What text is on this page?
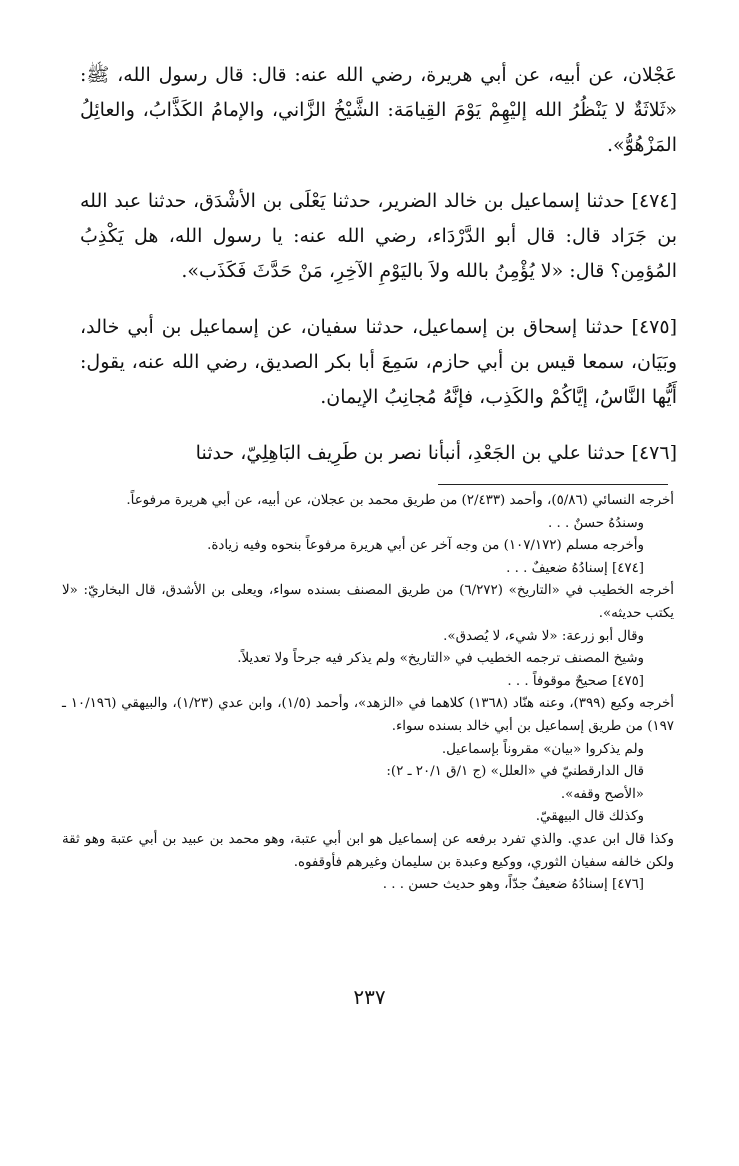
عَجْلان، عن أبيه، عن أبي هريرة، رضي الله عنه: قال: قال رسول الله، ﷺ: «ثَلاثَةٌ لا يَنْظُرُ الله إليْهِمْ يَوْمَ القِيامَة: الشَّيْخُ الزَّاني، والإمامُ الكَذَّابُ، والعائِلُ المَزْهُوُّ».

[٤٧٤] حدثنا إسماعيل بن خالد الضرير، حدثنا يَعْلَى بن الأشْدَق، حدثنا عبد الله بن جَرَاد قال: قال أبو الدَّرْدَاء، رضي الله عنه: يا رسول الله، هل يَكْذِبُ المُؤمِن؟ قال: «لا يُؤْمِنُ بالله ولاَ باليَوْمِ الآخِرِ، مَنْ حَدَّثَ فَكَذَب».

[٤٧٥] حدثنا إسحاق بن إسماعيل، حدثنا سفيان، عن إسماعيل بن أبي خالد، وبَيَان، سمعا قيس بن أبي حازم، سَمِعَ أبا بكر الصديق، رضي الله عنه، يقول: أَيُّها النَّاسُ، إيَّاكُمْ والكَذِب، فإنَّهُ مُجانِبُ الإيمان.

[٤٧٦] حدثنا علي بن الجَعْدِ، أنبأنا نصر بن طَرِيف البَاهِلِيّ، حدثنا

أخرجه النسائي (٥/٨٦)، وأحمد (٢/٤٣٣) من طريق محمد بن عجلان، عن أبيه، عن أبي هريرة مرفوعاً.

وسندُهُ حسنٌ . . .

وأخرجه مسلم (١٠٧/١٧٢) من وجه آخر عن أبي هريرة مرفوعاً بنحوه وفيه زيادة.

[٤٧٤] إسنادُهُ ضعيفٌ . . .

أخرجه الخطيب في «التاريخ» (٦/٢٧٢) من طريق المصنف بسنده سواء، ويعلى بن الأشدق، قال البخاريّ: «لا يكتب حديثه».

وقال أبو زرعة: «لا شيء، لا يُصدق».

وشيخ المصنف ترجمه الخطيب في «التاريخ» ولم يذكر فيه جرحاً ولا تعديلاً.

[٤٧٥] صحيحٌ موقوفاً . . .

أخرجه وكيع (٣٩٩)، وعنه هنّاد (١٣٦٨) كلاهما في «الزهد»، وأحمد (١/٥)، وابن عدي (١/٢٣)، والبيهقي (١٠/١٩٦ ـ ١٩٧) من طريق إسماعيل بن أبي خالد بسنده سواء.

ولم يذكروا «بيان» مقروناً بإسماعيل.

قال الدارقطنيّ في «العلل» (ج ١/ق ٢٠/١ ـ ٢):

«الأصح وقفه».

وكذلك قال البيهقيّ.

وكذا قال ابن عدي. والذي تفرد برفعه عن إسماعيل هو ابن أبي عتبة، وهو محمد بن عبيد بن أبي عتبة وهو ثقة ولكن خالفه سفيان الثوري، ووكيع وعبدة بن سليمان وغيرهم فأوقفوه.

[٤٧٦] إسنادُهُ ضعيفٌ جدّاً، وهو حديث حسن . . .

٢٣٧
